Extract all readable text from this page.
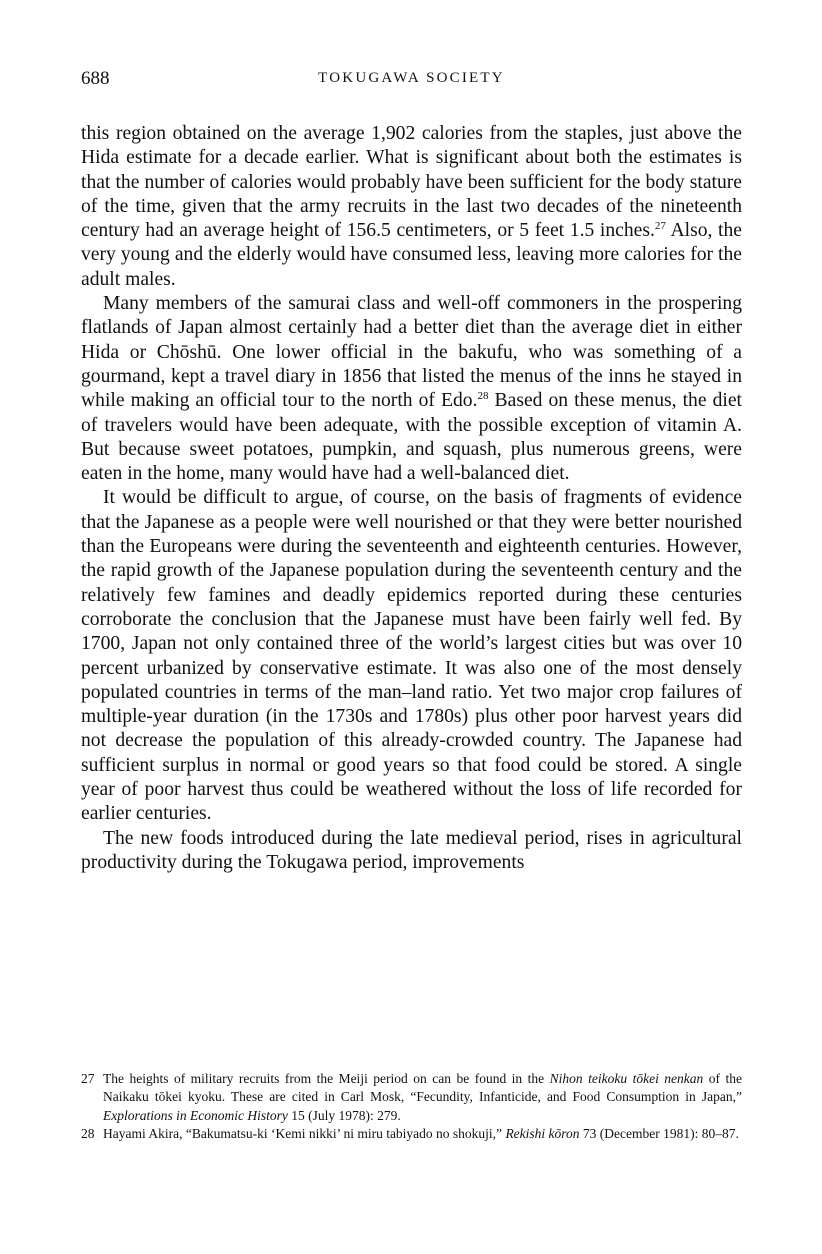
688	TOKUGAWA SOCIETY

this region obtained on the average 1,902 calories from the staples, just above the Hida estimate for a decade earlier. What is significant about both the estimates is that the number of calories would probably have been sufficient for the body stature of the time, given that the army recruits in the last two decades of the nineteenth century had an average height of 156.5 centimeters, or 5 feet 1.5 inches.$^{27}$ Also, the very young and the elderly would have consumed less, leaving more calories for the adult males.

Many members of the samurai class and well-off commoners in the prospering flatlands of Japan almost certainly had a better diet than the average diet in either Hida or Chōshū. One lower official in the bakufu, who was something of a gourmand, kept a travel diary in 1856 that listed the menus of the inns he stayed in while making an official tour to the north of Edo.$^{28}$ Based on these menus, the diet of travelers would have been adequate, with the possible exception of vitamin A. But because sweet potatoes, pumpkin, and squash, plus numerous greens, were eaten in the home, many would have had a well-balanced diet.

It would be difficult to argue, of course, on the basis of fragments of evidence that the Japanese as a people were well nourished or that they were better nourished than the Europeans were during the seventeenth and eighteenth centuries. However, the rapid growth of the Japanese population during the seventeenth century and the relatively few famines and deadly epidemics reported during these centuries corroborate the conclusion that the Japanese must have been fairly well fed. By 1700, Japan not only contained three of the world’s largest cities but was over 10 percent urbanized by conservative estimate. It was also one of the most densely populated countries in terms of the man–land ratio. Yet two major crop failures of multiple-year duration (in the 1730s and 1780s) plus other poor harvest years did not decrease the population of this already-crowded country. The Japanese had sufficient surplus in normal or good years so that food could be stored. A single year of poor harvest thus could be weathered without the loss of life recorded for earlier centuries.

The new foods introduced during the late medieval period, rises in agricultural productivity during the Tokugawa period, improvements

27 The heights of military recruits from the Meiji period on can be found in the Nihon teikoku tōkei nenkan of the Naikaku tōkei kyoku. These are cited in Carl Mosk, “Fecundity, Infanticide, and Food Consumption in Japan,” Explorations in Economic History 15 (July 1978): 279.
28 Hayami Akira, “Bakumatsu-ki ‘Kemi nikki’ ni miru tabiyado no shokuji,” Rekishi kōron 73 (December 1981): 80–87.
